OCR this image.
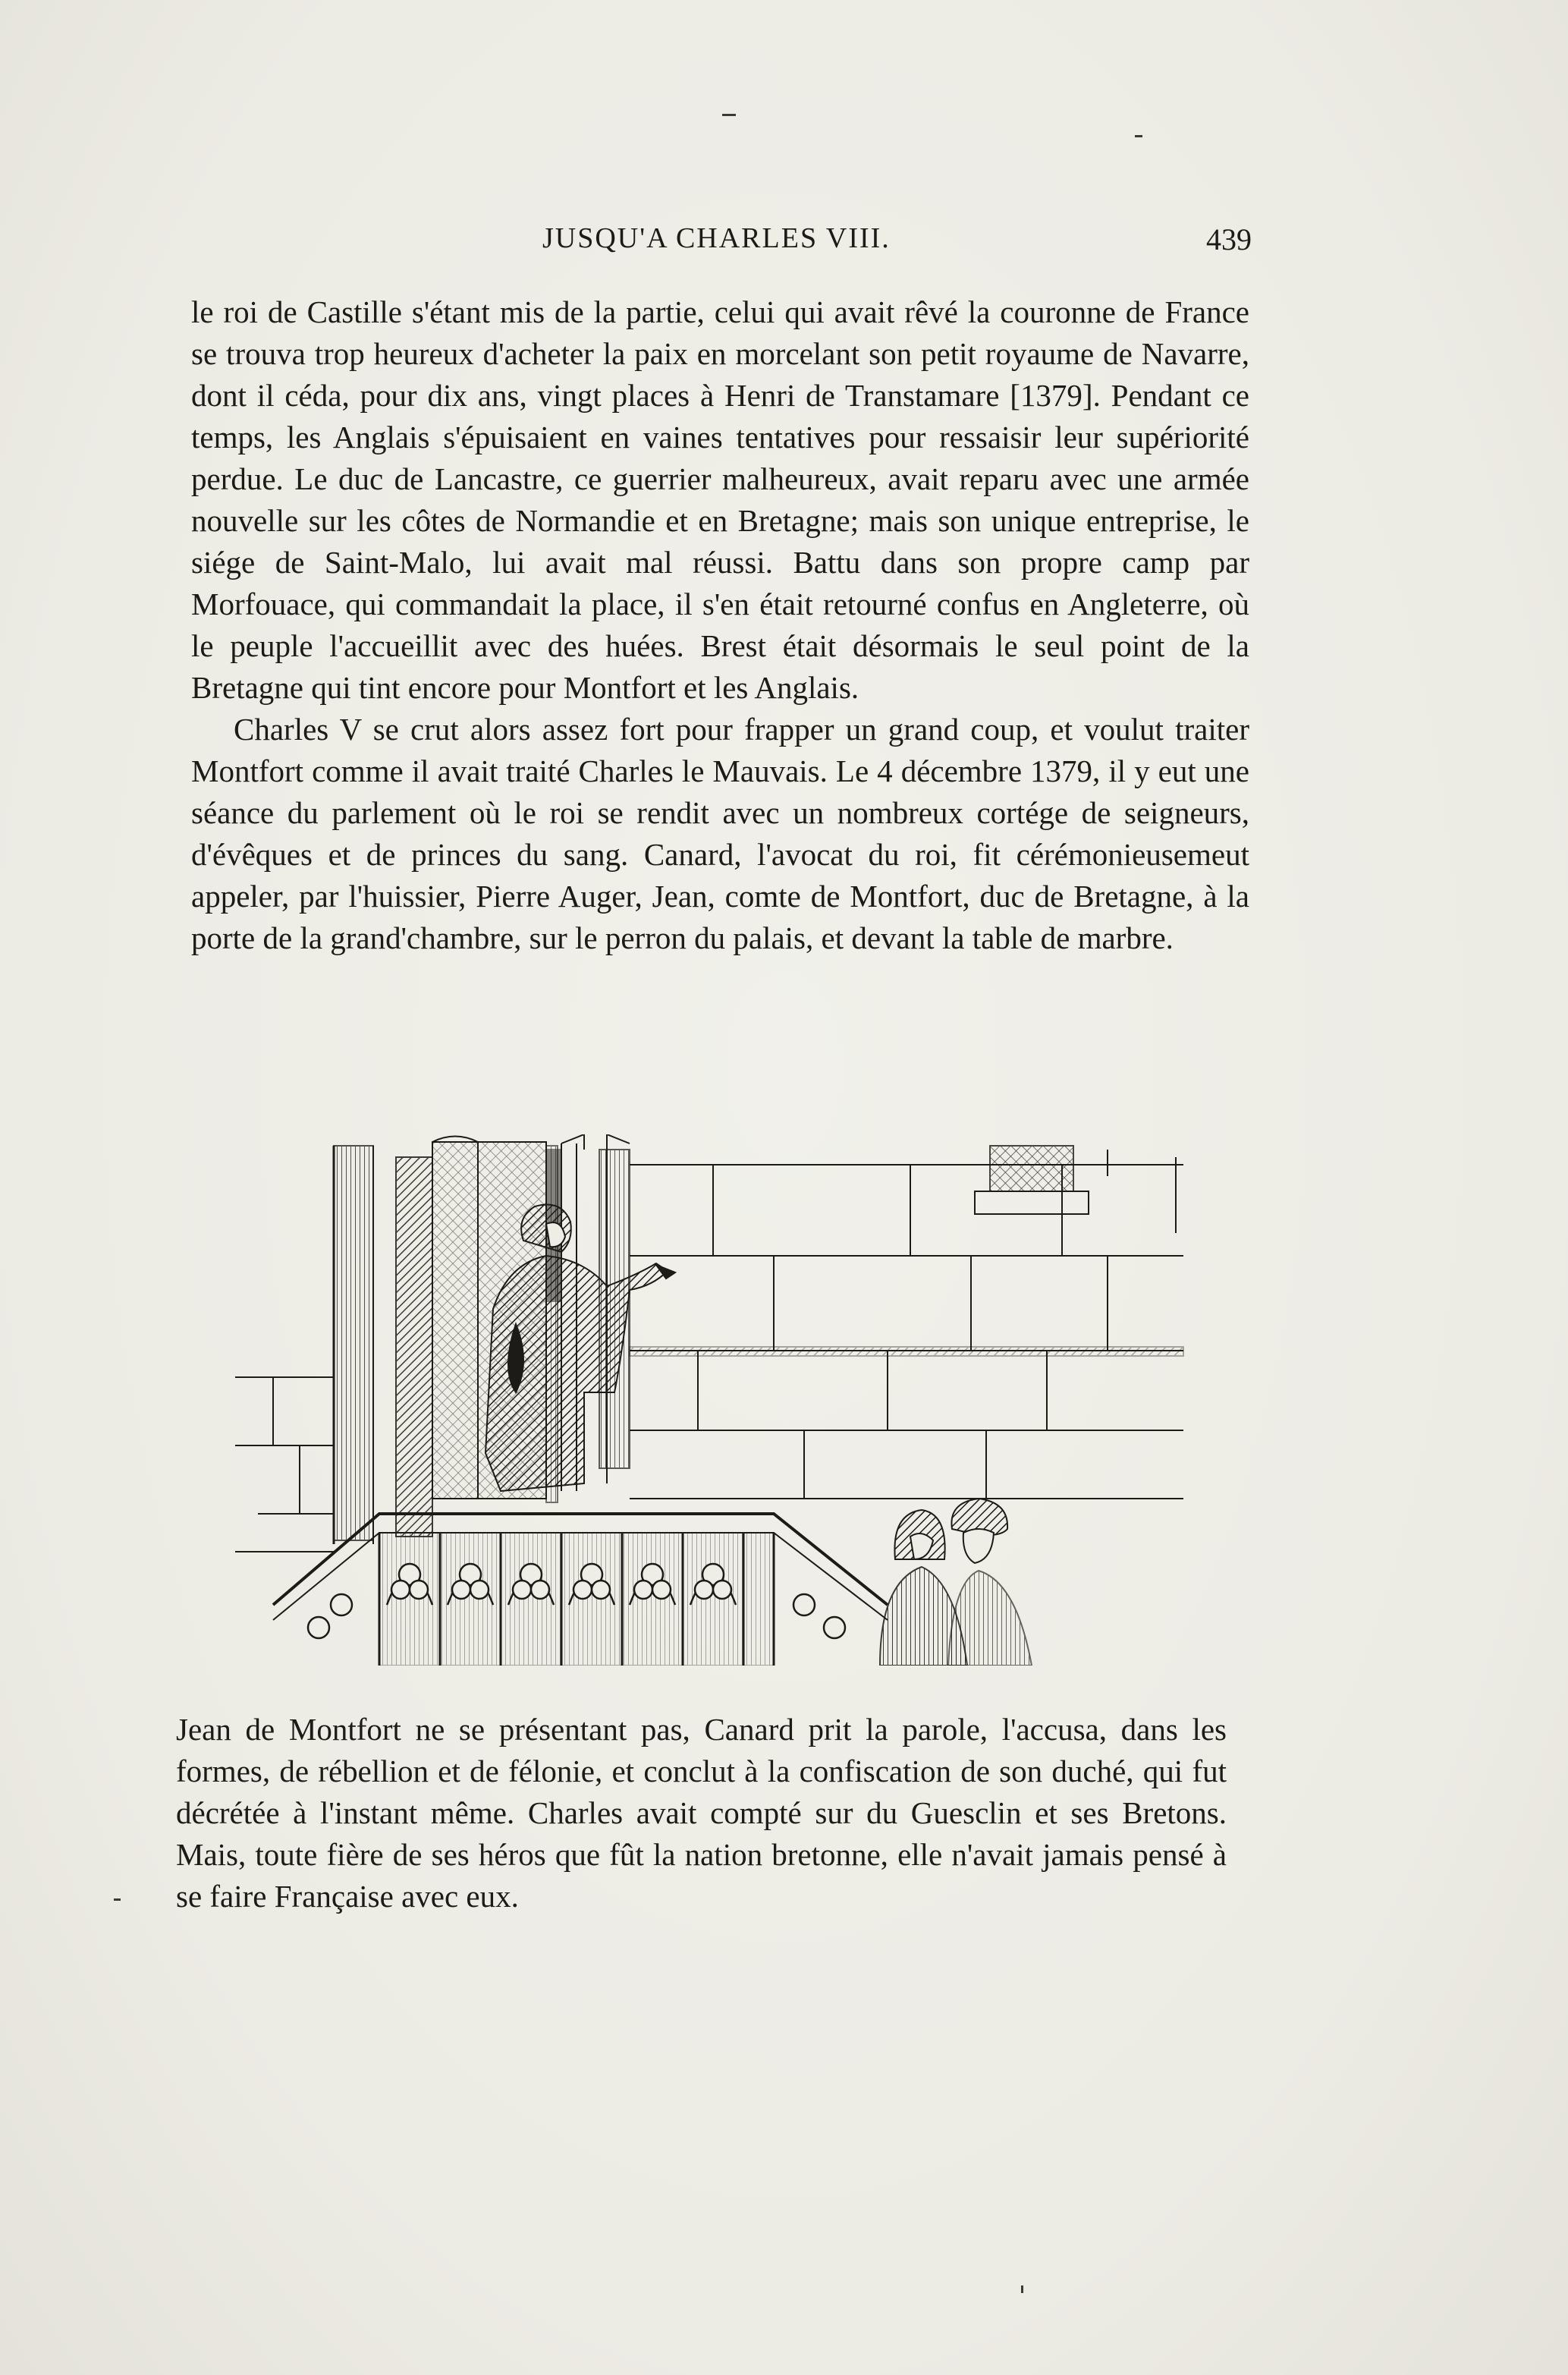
JUSQU'A CHARLES VIII.	439

le roi de Castille s'étant mis de la partie, celui qui avait rêvé la couronne de France se trouva trop heureux d'acheter la paix en morcelant son petit royaume de Navarre, dont il céda, pour dix ans, vingt places à Henri de Transtamare [1379]. Pendant ce temps, les Anglais s'épuisaient en vaines tentatives pour ressaisir leur supériorité perdue. Le duc de Lancastre, ce guerrier malheureux, avait reparu avec une armée nouvelle sur les côtes de Normandie et en Bretagne; mais son unique entreprise, le siége de Saint-Malo, lui avait mal réussi. Battu dans son propre camp par Morfouace, qui commandait la place, il s'en était retourné confus en Angleterre, où le peuple l'accueillit avec des huées. Brest était désormais le seul point de la Bretagne qui tint encore pour Montfort et les Anglais.

Charles V se crut alors assez fort pour frapper un grand coup, et voulut traiter Montfort comme il avait traité Charles le Mauvais. Le 4 décembre 1379, il y eut une séance du parlement où le roi se rendit avec un nombreux cortége de seigneurs, d'évêques et de princes du sang. Canard, l'avocat du roi, fit cérémonieusemeut appeler, par l'huissier, Pierre Auger, Jean, comte de Montfort, duc de Bretagne, à la porte de la grand'chambre, sur le perron du palais, et devant la table de marbre.

Jean de Montfort ne se présentant pas, Canard prit la parole, l'accusa, dans les formes, de rébellion et de félonie, et conclut à la confiscation de son duché, qui fut décrétée à l'instant même. Charles avait compté sur du Guesclin et ses Bretons. Mais, toute fière de ses héros que fût la nation bretonne, elle n'avait jamais pensé à se faire Française avec eux.
